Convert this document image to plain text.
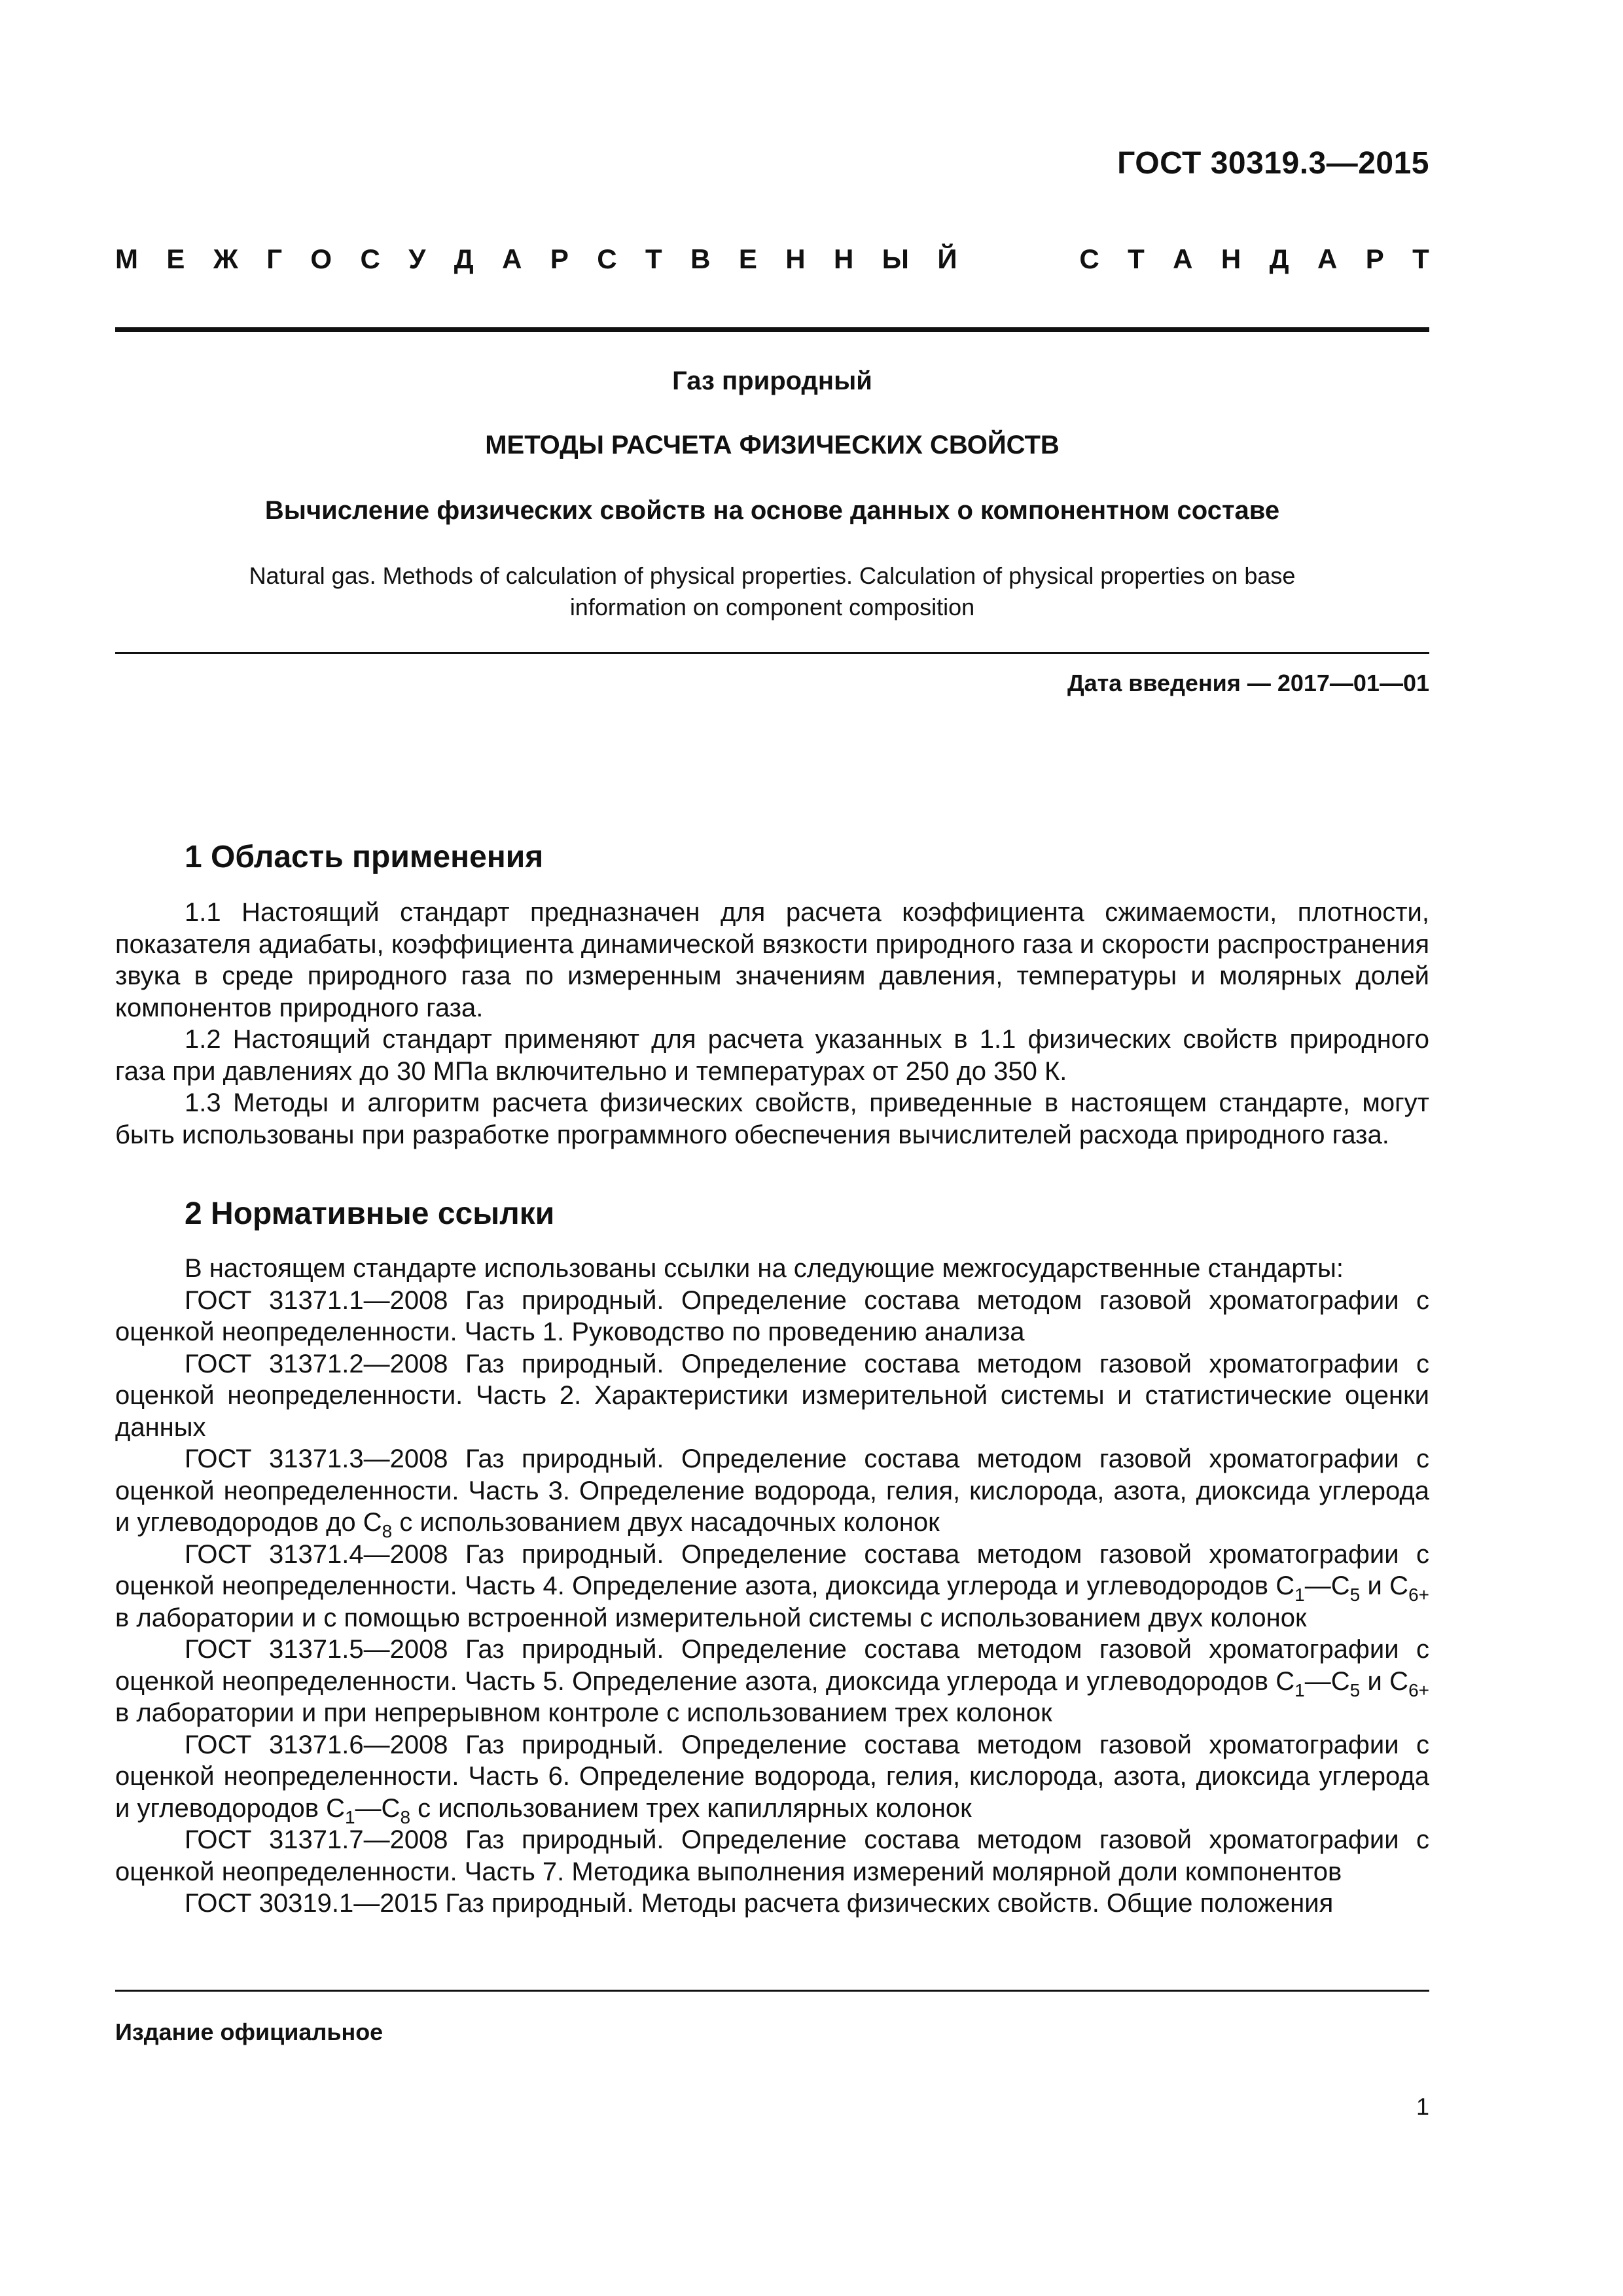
ГОСТ 30319.3—2015
М Е Ж Г О С У Д А Р С Т В Е Н Н Ы Й	С Т А Н Д А Р Т
Газ природный
МЕТОДЫ РАСЧЕТА ФИЗИЧЕСКИХ СВОЙСТВ
Вычисление физических свойств на основе данных о компонентном составе
Natural gas. Methods of calculation of physical properties. Calculation of physical properties on base information on component composition
Дата введения — 2017—01—01
1 Область применения

1.1 Настоящий стандарт предназначен для расчета коэффициента сжимаемости, плотности, показателя адиабаты, коэффициента динамической вязкости природного газа и скорости распространения звука в среде природного газа по измеренным значениям давления, температуры и молярных долей компонентов природного газа.

1.2 Настоящий стандарт применяют для расчета указанных в 1.1 физических свойств природного газа при давлениях до 30 МПа включительно и температурах от 250 до 350 К.

1.3 Методы и алгоритм расчета физических свойств, приведенные в настоящем стандарте, могут быть использованы при разработке программного обеспечения вычислителей расхода природного газа.

2 Нормативные ссылки

В настоящем стандарте использованы ссылки на следующие межгосударственные стандарты:

ГОСТ 31371.1—2008 Газ природный. Определение состава методом газовой хроматографии с оценкой неопределенности. Часть 1. Руководство по проведению анализа

ГОСТ 31371.2—2008 Газ природный. Определение состава методом газовой хроматографии с оценкой неопределенности. Часть 2. Характеристики измерительной системы и статистические оценки данных

ГОСТ 31371.3—2008 Газ природный. Определение состава методом газовой хроматографии с оценкой неопределенности. Часть 3. Определение водорода, гелия, кислорода, азота, диоксида углерода и углеводородов до $С_8$ с использованием двух насадочных колонок

ГОСТ 31371.4—2008 Газ природный. Определение состава методом газовой хроматографии с оценкой неопределенности. Часть 4. Определение азота, диоксида углерода и углеводородов $С_1—С_5$ и $С_{6+}$ в лаборатории и с помощью встроенной измерительной системы с использованием двух колонок

ГОСТ 31371.5—2008 Газ природный. Определение состава методом газовой хроматографии с оценкой неопределенности. Часть 5. Определение азота, диоксида углерода и углеводородов $С_1—С_5$ и $С_{6+}$ в лаборатории и при непрерывном контроле с использованием трех колонок

ГОСТ 31371.6—2008 Газ природный. Определение состава методом газовой хроматографии с оценкой неопределенности. Часть 6. Определение водорода, гелия, кислорода, азота, диоксида углерода и углеводородов $С_1—С_8$ с использованием трех капиллярных колонок

ГОСТ 31371.7—2008 Газ природный. Определение состава методом газовой хроматографии с оценкой неопределенности. Часть 7. Методика выполнения измерений молярной доли компонентов

ГОСТ 30319.1—2015 Газ природный. Методы расчета физических свойств. Общие положения

Издание официальное
1
